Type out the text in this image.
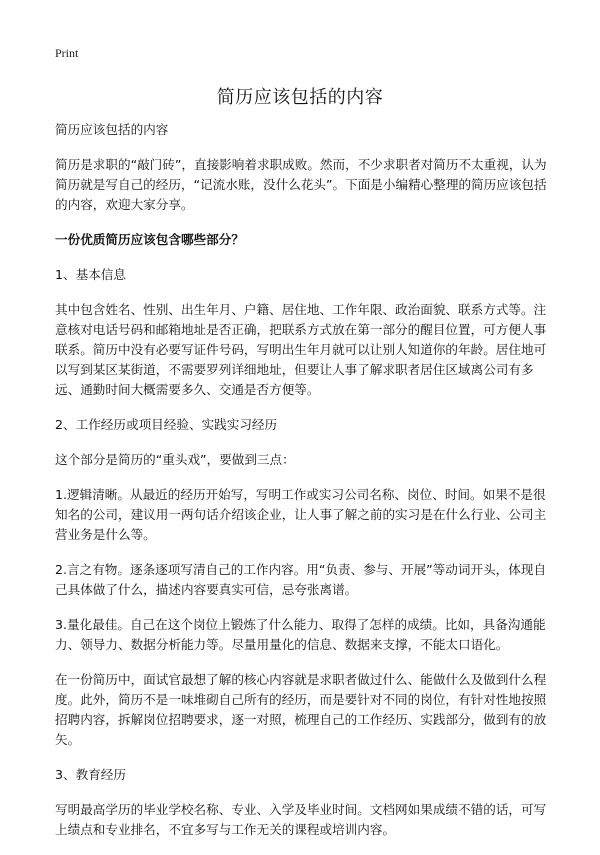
Print
简历应该包括的内容

简历应该包括的内容

简历是求职的“敲门砖”，直接影响着求职成败。然而，不少求职者对简历不太重视，认为简历就是写自己的经历，“记流水账，没什么花头”。下面是小编精心整理的简历应该包括的内容，欢迎大家分享。

一份优质简历应该包含哪些部分？

1、基本信息

其中包含姓名、性别、出生年月、户籍、居住地、工作年限、政治面貌、联系方式等。注意核对电话号码和邮箱地址是否正确，把联系方式放在第一部分的醒目位置，可方便人事联系。简历中没有必要写证件号码，写明出生年月就可以让别人知道你的年龄。居住地可以写到某区某街道，不需要罗列详细地址，但要让人事了解求职者居住区域离公司有多远、通勤时间大概需要多久、交通是否方便等。

2、工作经历或项目经验、实践实习经历

这个部分是简历的“重头戏”，要做到三点：

1.逻辑清晰。从最近的经历开始写，写明工作或实习公司名称、岗位、时间。如果不是很知名的公司，建议用一两句话介绍该企业，让人事了解之前的实习是在什么行业、公司主营业务是什么等。

2.言之有物。逐条逐项写清自己的工作内容。用“负责、参与、开展”等动词开头，体现自己具体做了什么，描述内容要真实可信，忌夸张离谱。

3.量化最佳。自己在这个岗位上锻炼了什么能力、取得了怎样的成绩。比如，具备沟通能力、领导力、数据分析能力等。尽量用量化的信息、数据来支撑，不能太口语化。

在一份简历中，面试官最想了解的核心内容就是求职者做过什么、能做什么及做到什么程度。此外，简历不是一味堆砌自己所有的经历，而是要针对不同的岗位，有针对性地按照招聘内容，拆解岗位招聘要求，逐一对照，梳理自己的工作经历、实践部分，做到有的放矢。

3、教育经历

写明最高学历的毕业学校名称、专业、入学及毕业时间。文档网如果成绩不错的话，可写上绩点和专业排名，不宜多写与工作无关的课程或培训内容。
